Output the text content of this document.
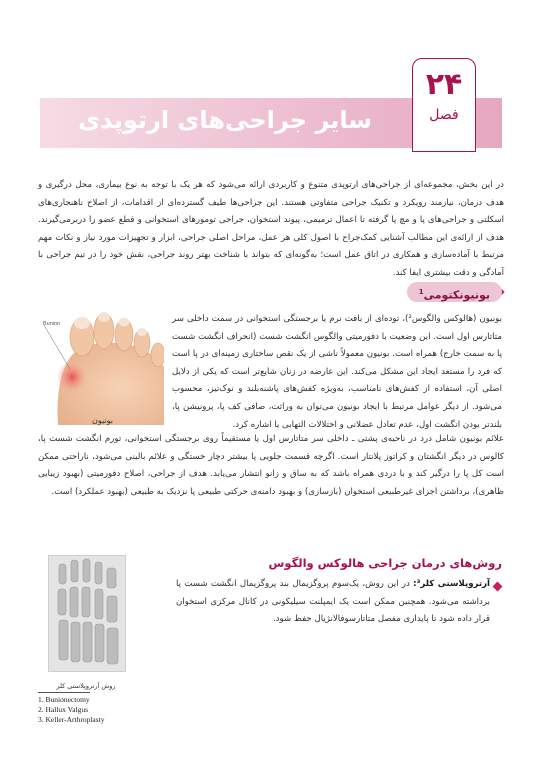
۲۴
فصل
سایر جراحی‌های ارتوپدی
در این بخش، مجموعه‌ای از جراحی‌های ارتوپدی متنوع و کاربردی ارائه می‌شود که هر یک با توجه به نوع بیماری، محل درگیری و هدف درمان، نیازمند رویکرد و تکنیک جراحی متفاوتی هستند. این جراحی‌ها طیف گسترده‌ای از اقدامات، از اصلاح ناهنجاری‌های اسکلتی و جراحی‌های پا و مچ پا گرفته تا اعمال ترمیمی، پیوند استخوان، جراحی تومورهای استخوانی و قطع عضو را دربرمی‌گیرند. هدف از ارائه‌ی این مطالب آشنایی کمک‌جراح با اصول کلی هر عمل، مراحل اصلی جراحی، ابزار و تجهیزات مورد نیاز و نکات مهم مرتبط با آماده‌سازی و همکاری در اتاق عمل است؛ به‌گونه‌ای که بتواند با شناخت بهتر روند جراحی، نقش خود را در تیم جراحی با آمادگی و دقت بیشتری ایفا کند.
بونیونکتومی$^1$
Bunion
بونیون
بونیون (هالوکس والگوس²)، توده‌ای از بافت نرم یا برجستگی استخوانی در سمت داخلی سر متاتارس اول است. این وضعیت با دفورمیتی والگوس انگشت شست (انحراف انگشت شست پا به سمت خارج) همراه است. بونیون معمولاً ناشی از یک نقص ساختاری زمینه‌ای در پا است که فرد را مستعد ایجاد این مشکل می‌کند. این عارضه در زنان شایع‌تر است که یکی از دلایل اصلی آن، استفاده از کفش‌های نامناسب، به‌ویژه کفش‌های پاشنه‌بلند و نوک‌تیز، محسوب می‌شود. از دیگر عوامل مرتبط با ایجاد بونیون می‌توان به وراثت، صافی کف پا، پرونیشن پا، بلندتر بودن انگشت اول، عدم تعادل عضلانی و اختلالات التهابی یا اشاره کرد.
علائم بونیون شامل درد در ناحیه‌ی پشتی ـ داخلی سر متاتارس اول یا مستقیماً روی برجستگی استخوانی، تورم انگشت شست پا، کالوس در دیگر انگشتان و کراتوز پلانتار است. اگرچه قسمت جلویی پا بیشتر دچار خستگی و علائم بالینی می‌شود، ناراحتی ممکن است کل پا را درگیر کند و با دردی همراه باشد که به ساق و زانو انتشار می‌یابد. هدف از جراحی، اصلاح دفورمیتی (بهبود زیبایی ظاهری)، برداشتن اجزای غیرطبیعی استخوان (بازسازی) و بهبود دامنه‌ی حرکتی طبیعی پا نزدیک به طبیعی (بهبود عملکرد) است.
روش‌های درمان جراحی هالوکس والگوس
آرتروپلاستی کلر³: در این روش، یک‌سوم پروگزیمال بند پروگزیمال انگشت شست پا برداشته می‌شود. همچنین ممکن است یک ایمپلنت سیلیکونی در کانال مرکزی استخوان قرار داده شود تا پایداری مفصل متاتارسوفالانژیال حفظ شود.
روش آرتروپلاستی کلر
1. Bunionectomy
2. Hallux Valgus
3. Keller-Arthroplasty
